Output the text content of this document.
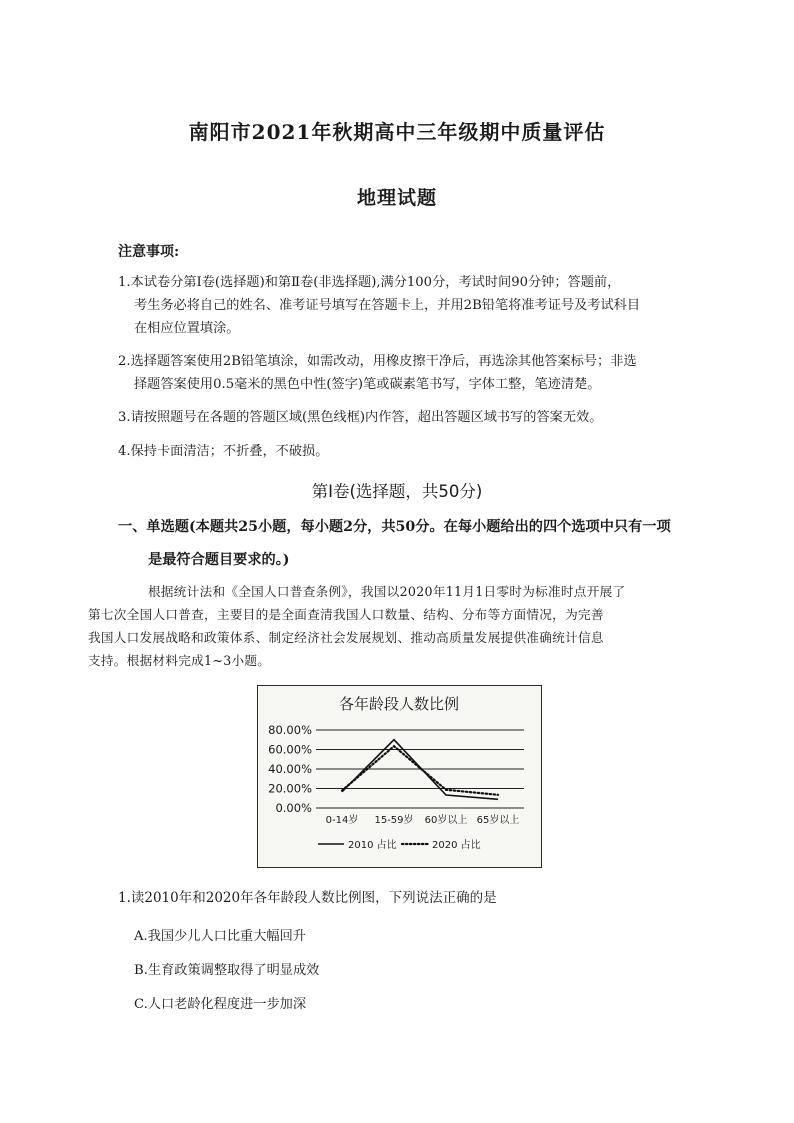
南阳市2021年秋期高中三年级期中质量评估
地理试题
注意事项:
1.本试卷分第Ⅰ卷(选择题)和第Ⅱ卷(非选择题),满分100分，考试时间90分钟；答题前，
考生务必将自己的姓名、准考证号填写在答题卡上，并用2B铅笔将准考证号及考试科目
在相应位置填涂。
2.选择题答案使用2B铅笔填涂，如需改动，用橡皮擦干净后，再选涂其他答案标号；非选
择题答案使用0.5毫米的黑色中性(签字)笔或碳素笔书写，字体工整，笔迹清楚。
3.请按照题号在各题的答题区域(黑色线框)内作答，超出答题区域书写的答案无效。
4.保持卡面清洁；不折叠，不破损。
第Ⅰ卷(选择题，共50分)
一、单选题(本题共25小题，每小题2分，共50分。在每小题给出的四个选项中只有一项
是最符合题目要求的。)
根据统计法和《全国人口普查条例》，我国以2020年11月1日零时为标准时点开展了
第七次全国人口普查，主要目的是全面查清我国人口数量、结构、分布等方面情况，为完善
我国人口发展战略和政策体系、制定经济社会发展规划、推动高质量发展提供准确统计信息
支持。根据材料完成1~3小题。
各年龄段人数比例
80.00%
60.00%
40.00%
20.00%
0.00%
0-14岁 15-59岁 60岁以上 65岁以上
2010 占比	2020 占比
1.读2010年和2020年各年龄段人数比例图，下列说法正确的是
A.我国少儿人口比重大幅回升
B.生育政策调整取得了明显成效
C.人口老龄化程度进一步加深
